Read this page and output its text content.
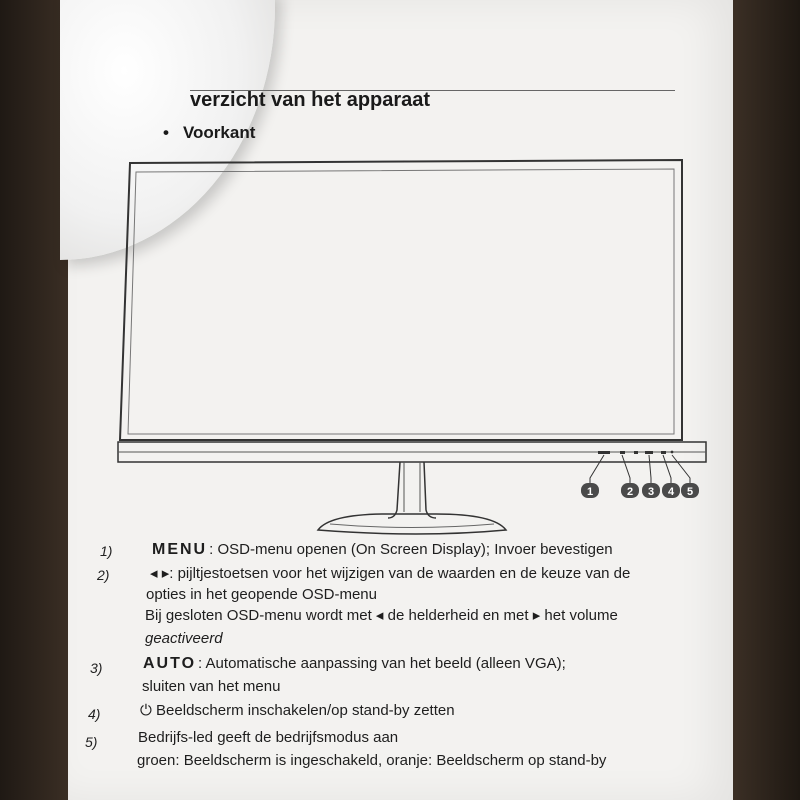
verzicht van het apparaat
• Voorkant
1	2 3 4 5
1) MENU : OSD-menu openen (On Screen Display); Invoer bevestigen
2)	◂ ▸: pijltjestoetsen voor het wijzigen van de waarden en de keuze van de
opties in het geopende OSD-menu
Bij gesloten OSD-menu wordt met ◂ de helderheid en met ▸ het volume
geactiveerd
3)	AUTO : Automatische aanpassing van het beeld (alleen VGA);
sluiten van het menu
4)	⏻ Beeldscherm inschakelen/op stand-by zetten
5)	Bedrijfs-led geeft de bedrijfsmodus aan
groen: Beeldscherm is ingeschakeld, oranje: Beeldscherm op stand-by
